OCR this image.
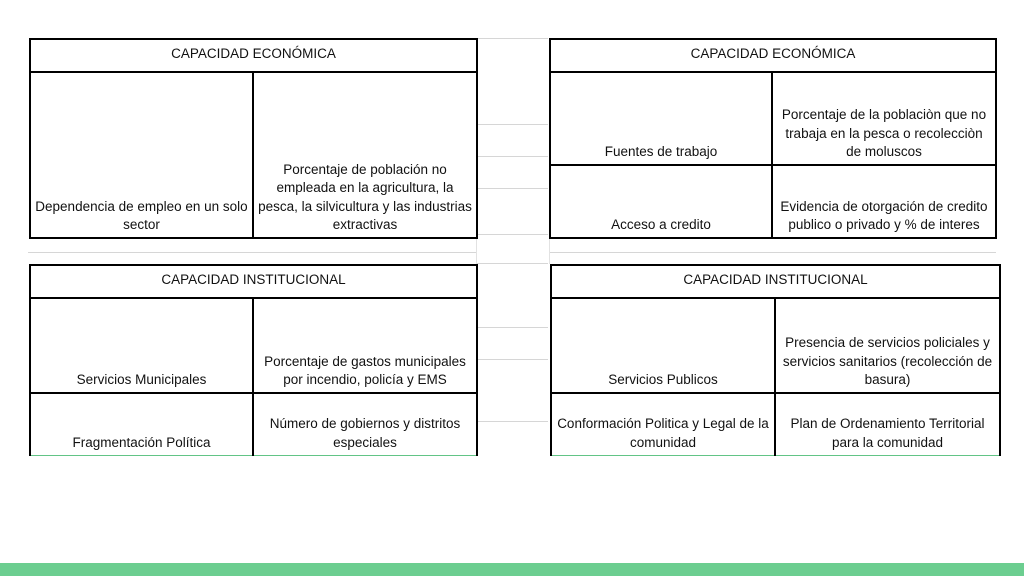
CAPACIDAD ECONÓMICA
Dependencia de empleo en un solo sector	Porcentaje de población no empleada en la agricultura, la pesca, la silvicultura y las industrias extractivas
CAPACIDAD ECONÓMICA	
Fuentes de trabajo	Porcentaje de la poblaciòn que no trabaja en la pesca o recolecciòn de moluscos
Acceso a credito	Evidencia de otorgación de credito publico o privado y % de interes
CAPACIDAD INSTITUCIONAL	
Servicios Municipales	Porcentaje de gastos municipales por incendio, policía y EMS
Fragmentación Política	Número de gobiernos y distritos especiales
CAPACIDAD INSTITUCIONAL	
Servicios Publicos	Presencia de servicios policiales y servicios sanitarios (recolección de basura)
Conformación Politica y Legal de la comunidad	Plan de Ordenamiento Territorial para la comunidad
